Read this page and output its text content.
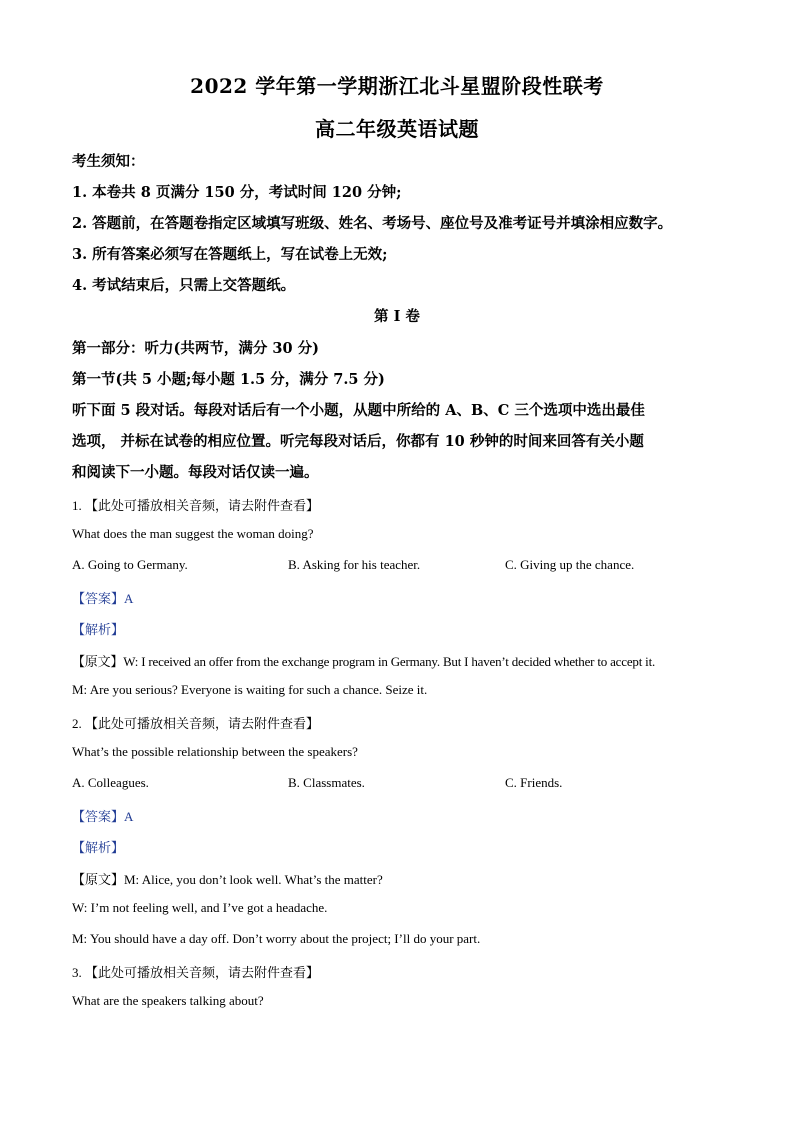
2022 学年第一学期浙江北斗星盟阶段性联考
高二年级英语试题
考生须知：
1. 本卷共 8 页满分 150 分，考试时间 120 分钟;
2. 答题前，在答题卷指定区域填写班级、姓名、考场号、座位号及准考证号并填涂相应数字。
3. 所有答案必须写在答题纸上，写在试卷上无效;
4. 考试结束后，只需上交答题纸。
第 I 卷
第一部分：听力(共两节，满分 30 分)
第一节(共 5 小题;每小题 1.5 分，满分 7.5 分)
听下面 5 段对话。每段对话后有一个小题，从题中所给的 A、B、C 三个选项中选出最佳
选项， 并标在试卷的相应位置。听完每段对话后，你都有 10 秒钟的时间来回答有关小题
和阅读下一小题。每段对话仅读一遍。
1. 【此处可播放相关音频，请去附件查看】
What does the man suggest the woman doing?
A. Going to Germany.	B. Asking for his teacher.	C. Giving up the chance.
【答案】A
【解析】
【原文】W: I received an offer from the exchange program in Germany. But I haven’t decided whether to accept it.
M: Are you serious? Everyone is waiting for such a chance. Seize it.
2. 【此处可播放相关音频，请去附件查看】
What’s the possible relationship between the speakers?
A. Colleagues.	B. Classmates.	C. Friends.
【答案】A
【解析】
【原文】M: Alice, you don’t look well. What’s the matter?
W: I’m not feeling well, and I’ve got a headache.
M: You should have a day off. Don’t worry about the project; I’ll do your part.
3. 【此处可播放相关音频，请去附件查看】
What are the speakers talking about?
